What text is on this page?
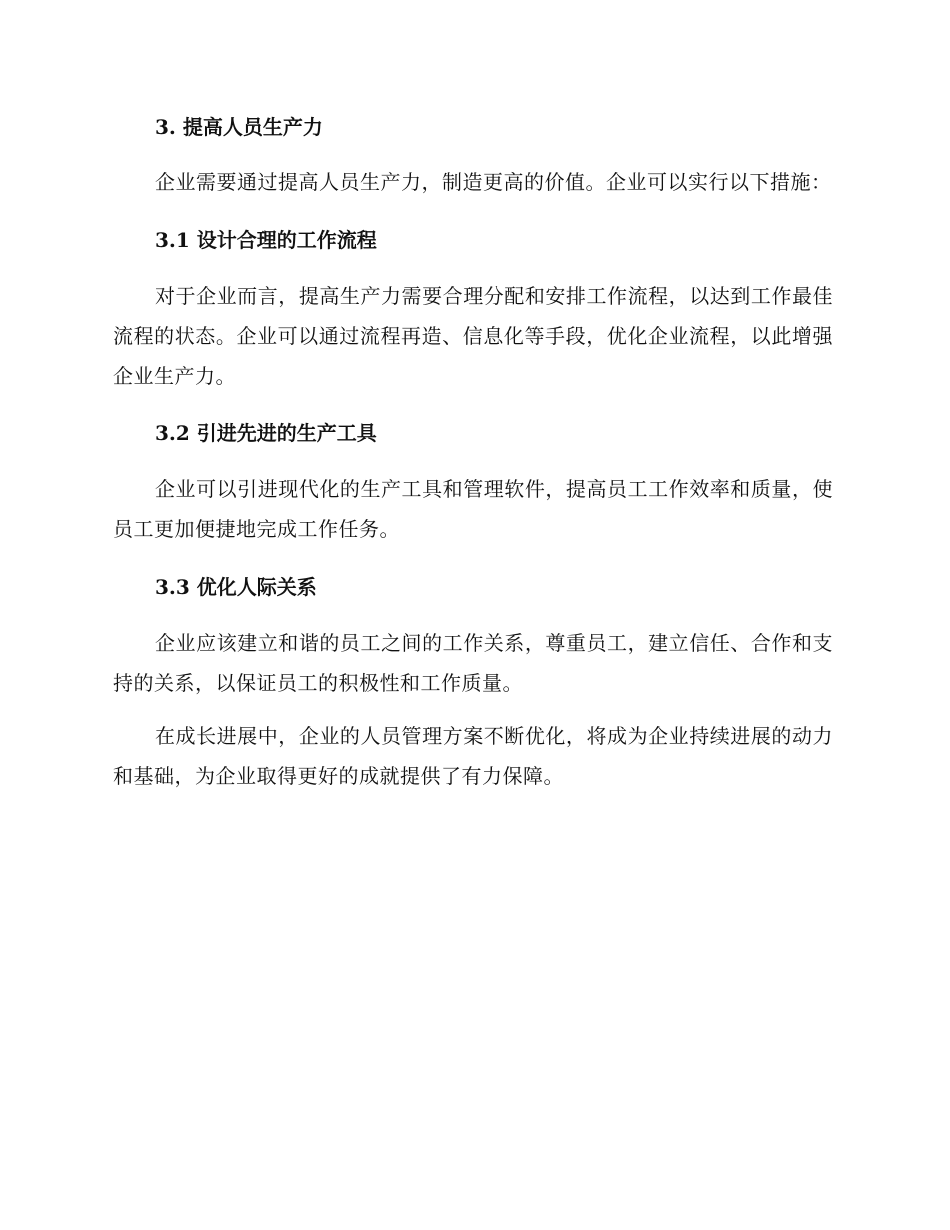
3. 提高人员生产力

企业需要通过提高人员生产力，制造更高的价值。企业可以实行以下措施：

3.1 设计合理的工作流程

对于企业而言，提高生产力需要合理分配和安排工作流程，以达到工作最佳流程的状态。企业可以通过流程再造、信息化等手段，优化企业流程，以此增强企业生产力。

3.2 引进先进的生产工具

企业可以引进现代化的生产工具和管理软件，提高员工工作效率和质量，使员工更加便捷地完成工作任务。

3.3 优化人际关系

企业应该建立和谐的员工之间的工作关系，尊重员工，建立信任、合作和支持的关系，以保证员工的积极性和工作质量。

在成长进展中，企业的人员管理方案不断优化，将成为企业持续进展的动力和基础，为企业取得更好的成就提供了有力保障。
